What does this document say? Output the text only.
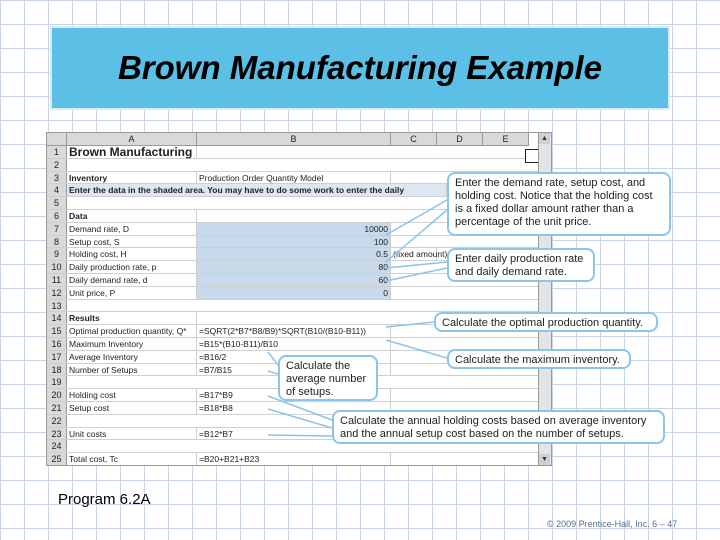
Brown Manufacturing Example
A	B	C	D	E
1 Brown Manufacturing
2
3	Inventory	Production Order Quantity Model
4	Enter the data in the shaded area. You may have to do some work to enter the daily
5
6	Data
7	Demand rate, D	10000
8	Setup cost, S	100
9	Holding cost, H	0.5 (fixed amount)
10 Daily production rate, p	80
11 Daily demand rate, d	60
12 Unit price, P	0
13
14 Results
15 Optimal production quantity, Q*	=SQRT(2*B7*B8/B9)*SQRT(B10/(B10-B11))
16 Maximum Inventory	=B15*(B10-B11)/B10
17 Average Inventory	=B16/2
18 Number of Setups	=B7/B15
19
20 Holding cost	=B17*B9
21 Setup cost	=B18*B8
22
23 Unit costs	=B12*B7
24
25 Total cost, Tc	=B20+B21+B23
▲
▼
Enter the demand rate, setup cost, and holding cost. Notice that the holding cost is a fixed dollar amount rather than a percentage of the unit price.
Enter daily production rate and daily demand rate.
Calculate the optimal production quantity.
Calculate the maximum inventory.
Calculate the average number of setups.
Calculate the annual holding costs based on average inventory and the annual setup cost based on the number of setups.
Program 6.2A
© 2009 Prentice-Hall, Inc. 6 – 47
